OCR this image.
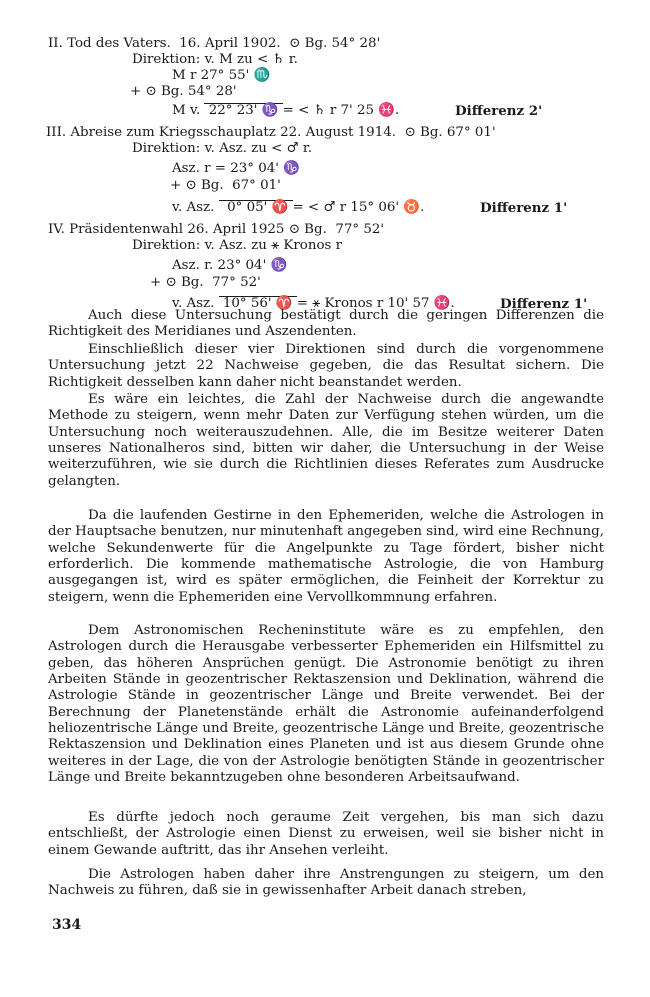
II. Tod des Vaters.  16. April 1902.  ⊙ Bg. 54° 28'
Direktion: v. M zu < ♄ r.
M r 27° 55' ♏
+ ⊙ Bg. 54° 28'
M v.  22° 23' ♑ = < ♄ r 7' 25 ♓.	Differenz 2'
III. Abreise zum Kriegsschauplatz 22. August 1914.  ⊙ Bg. 67° 01'
Direktion: v. Asz. zu < ♂ r.
Asz. r = 23° 04' ♑
+ ⊙ Bg.  67° 01'
v. Asz.   0° 05' ♈ = < ♂ r 15° 06' ♉.	Differenz 1'
IV. Präsidentenwahl 26. April 1925 ⊙ Bg.  77° 52'
Direktion: v. Asz. zu ⚹ Kronos r
Asz. r. 23° 04' ♑
+ ⊙ Bg.  77° 52'
v. Asz.  10° 56' ♈ = ⚹ Kronos r 10' 57 ♓.	Differenz 1'

Auch diese Untersuchung bestätigt durch die geringen Differenzen die Richtigkeit des Meridianes und Aszendenten.

Einschließlich dieser vier Direktionen sind durch die vorgenommene Untersuchung jetzt 22 Nachweise gegeben, die das Resultat sichern. Die Richtigkeit desselben kann daher nicht beanstandet werden.

Es wäre ein leichtes, die Zahl der Nachweise durch die angewandte Methode zu steigern, wenn mehr Daten zur Verfügung stehen würden, um die Untersuchung noch weiterauszudehnen. Alle, die im Besitze weiterer Daten unseres Nationalheros sind, bitten wir daher, die Untersuchung in der Weise weiterzuführen, wie sie durch die Richtlinien dieses Referates zum Ausdrucke gelangten.

Da die laufenden Gestirne in den Ephemeriden, welche die Astrologen in der Hauptsache benutzen, nur minutenhaft angegeben sind, wird eine Rechnung, welche Sekundenwerte für die Angelpunkte zu Tage fördert, bisher nicht erforderlich. Die kommende mathematische Astrologie, die von Hamburg ausgegangen ist, wird es später ermöglichen, die Feinheit der Korrektur zu steigern, wenn die Ephemeriden eine Vervollkommnung erfahren.

Dem Astronomischen Recheninstitute wäre es zu empfehlen, den Astrologen durch die Herausgabe verbesserter Ephemeriden ein Hilfsmittel zu geben, das höheren Ansprüchen genügt. Die Astronomie benötigt zu ihren Arbeiten Stände in geozentrischer Rektaszension und Deklination, während die Astrologie Stände in geozentrischer Länge und Breite verwendet. Bei der Berechnung der Planetenstände erhält die Astronomie aufeinanderfolgend heliozentrische Länge und Breite, geozentrische Länge und Breite, geozentrische Rektaszension und Deklination eines Planeten und ist aus diesem Grunde ohne weiteres in der Lage, die von der Astrologie benötigten Stände in geozentrischer Länge und Breite bekanntzugeben ohne besonderen Arbeitsaufwand.

Es dürfte jedoch noch geraume Zeit vergehen, bis man sich dazu entschließt, der Astrologie einen Dienst zu erweisen, weil sie bisher nicht in einem Gewande auftritt, das ihr Ansehen verleiht.

Die Astrologen haben daher ihre Anstrengungen zu steigern, um den Nachweis zu führen, daß sie in gewissenhafter Arbeit danach streben,

334
